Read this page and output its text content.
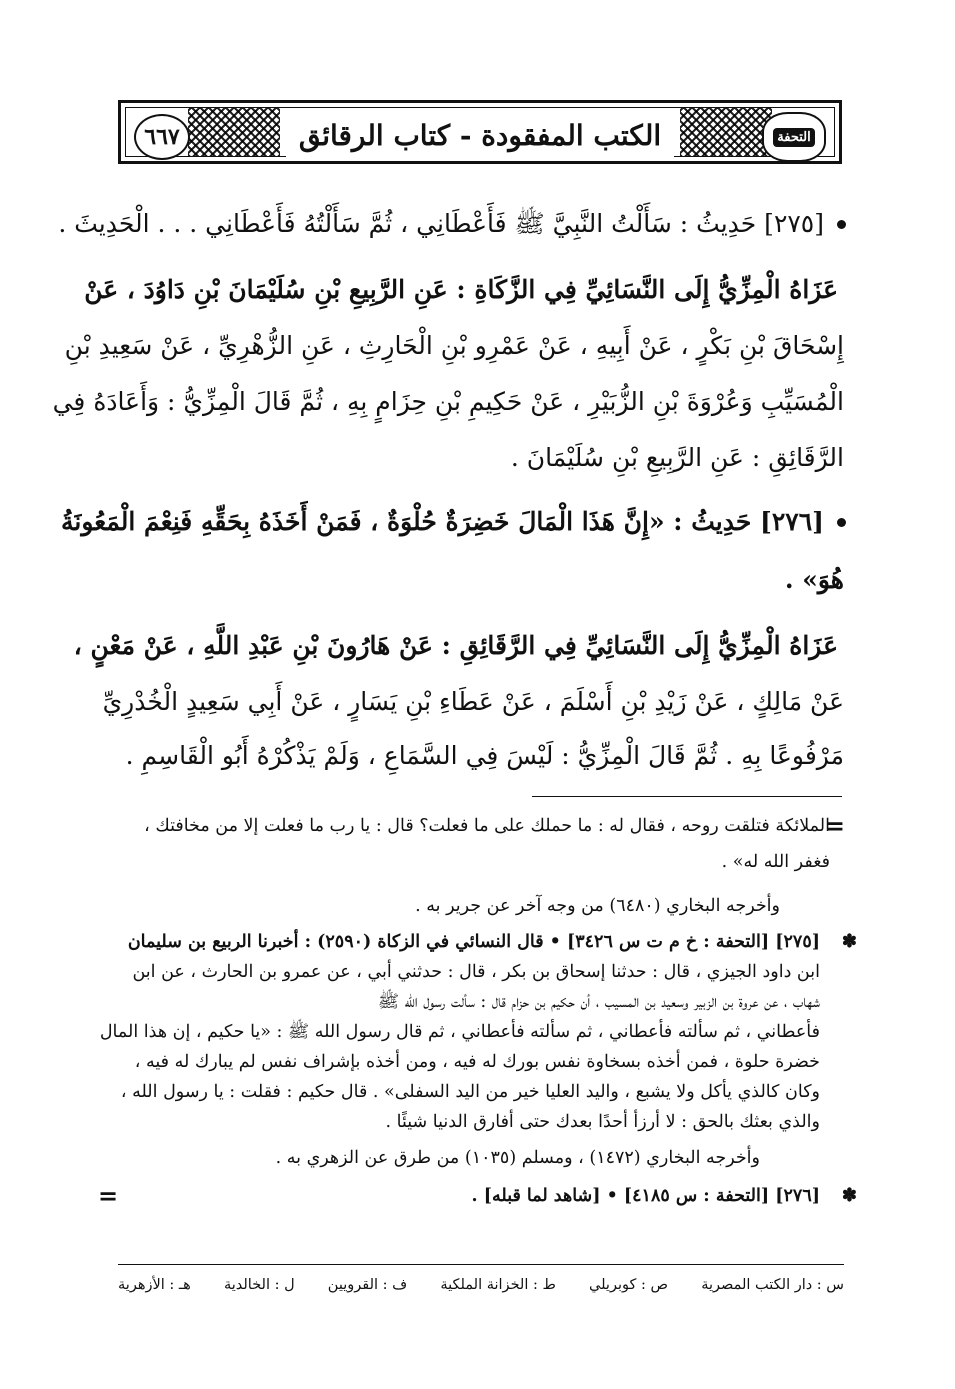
٦٦٧	الكتب المفقودة - كتاب الرقائق	التحفة
[٢٧٥] حَدِيثُ : سَأَلْتُ النَّبِيَّ ﷺ فَأَعْطَانِي ، ثُمَّ سَأَلْتُهُ فَأَعْطَانِي . . . الْحَدِيثَ .
عَزَاهُ الْمِزِّيُّ إِلَى النَّسَائِيِّ فِي الزَّكَاةِ : عَنِ الرَّبِيعِ بْنِ سُلَيْمَانَ بْنِ دَاوُدَ ، عَنْ
إِسْحَاقَ بْنِ بَكْرٍ ، عَنْ أَبِيهِ ، عَنْ عَمْرِو بْنِ الْحَارِثِ ، عَنِ الزُّهْرِيِّ ، عَنْ سَعِيدِ بْنِ
الْمُسَيِّبِ وَعُرْوَةَ بْنِ الزُّبَيْرِ ، عَنْ حَكِيمِ بْنِ حِزَامٍ بِهِ ، ثُمَّ قَالَ الْمِزِّيُّ : وَأَعَادَهُ فِي
الرَّقَائِقِ : عَنِ الرَّبِيعِ بْنِ سُلَيْمَانَ .
[٢٧٦] حَدِيثُ : «إِنَّ هَذَا الْمَالَ خَضِرَةٌ حُلْوَةٌ ، فَمَنْ أَخَذَهُ بِحَقِّهِ فَنِعْمَ الْمَعُونَةُ
هُوَ» .
عَزَاهُ الْمِزِّيُّ إِلَى النَّسَائِيِّ فِي الرَّقَائِقِ : عَنْ هَارُونَ بْنِ عَبْدِ اللَّهِ ، عَنْ مَعْنٍ ،
عَنْ مَالِكٍ ، عَنْ زَيْدِ بْنِ أَسْلَمَ ، عَنْ عَطَاءِ بْنِ يَسَارٍ ، عَنْ أَبِي سَعِيدٍ الْخُدْرِيِّ
مَرْفُوعًا بِهِ . ثُمَّ قَالَ الْمِزِّيُّ : لَيْسَ فِي السَّمَاعِ ، وَلَمْ يَذْكُرْهُ أَبُو الْقَاسِمِ .
=
الملائكة فتلقت روحه ، فقال له : ما حملك على ما فعلت؟ قال : يا رب ما فعلت إلا من مخافتك ،
فغفر الله له» .
وأخرجه البخاري (٦٤٨٠) من وجه آخر عن جرير به .
✽
[٢٧٥] [التحفة : خ م ت س ٣٤٢٦] • قال النسائي في الزكاة (٢٥٩٠) : أخبرنا الربيع بن سليمان
ابن داود الجيزي ، قال : حدثنا إسحاق بن بكر ، قال : حدثني أبي ، عن عمرو بن الحارث ، عن ابن
شهاب ، عن عروة بن الزبير وسعيد بن المسيب ، أن حكيم بن حزام قال : سألت رسول الله ﷺ
فأعطاني ، ثم سألته فأعطاني ، ثم سألته فأعطاني ، ثم قال رسول الله ﷺ : «يا حكيم ، إن هذا المال
خضرة حلوة ، فمن أخذه بسخاوة نفس بورك له فيه ، ومن أخذه بإشراف نفس لم يبارك له فيه ،
وكان كالذي يأكل ولا يشبع ، واليد العليا خير من اليد السفلى» . قال حكيم : فقلت : يا رسول الله ،
والذي بعثك بالحق : لا أرزأ أحدًا بعدك حتى أفارق الدنيا شيئًا .
وأخرجه البخاري (١٤٧٢) ، ومسلم (١٠٣٥) من طرق عن الزهري به .
✽
[٢٧٦] [التحفة : س ٤١٨٥] • [شاهد لما قبله] .
=
س : دار الكتب المصرية
ص : كوبريلي
ط : الخزانة الملكية
ف : القرويين
ل : الخالدية
هـ : الأزهرية
